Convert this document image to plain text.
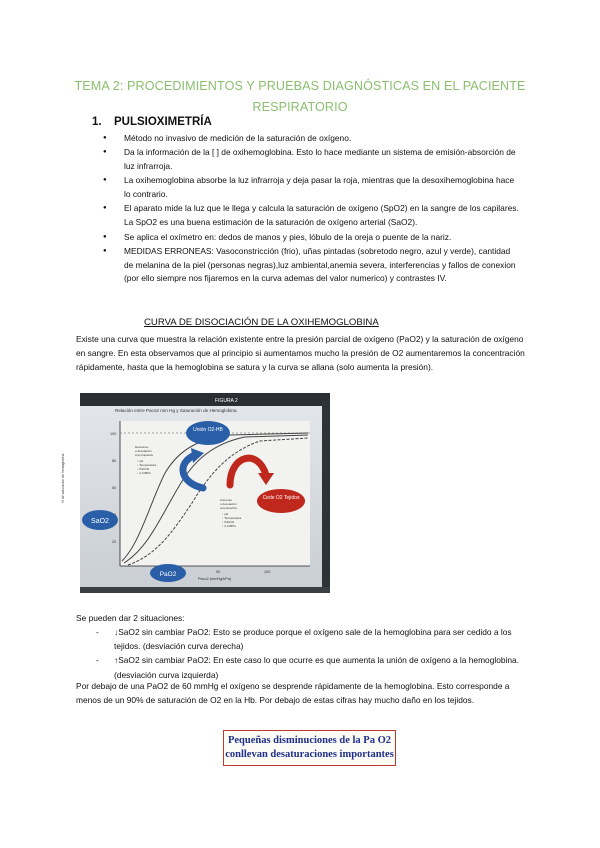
TEMA 2: PROCEDIMIENTOS Y PRUEBAS DIAGNÓSTICAS EN EL PACIENTE RESPIRATORIO
1. PULSIOXIMETRÍA
● Método no invasivo de medición de la saturación de oxígeno.
● Da la información de la [ ] de oxihemoglobina. Esto lo hace mediante un sistema de emisión-absorción de luz infrarroja.
● La oxihemoglobina absorbe la luz infrarroja y deja pasar la roja, mientras que la desoxihemoglobina hace lo contrario.
● El aparato mide la luz que le llega y calcula la saturación de oxígeno (SpO2) en la sangre de los capilares. La SpO2 es una buena estimación de la saturación de oxígeno arterial (SaO2).
● Se aplica el oxímetro en: dedos de manos y pies, lóbulo de la oreja o puente de la nariz.
● MEDIDAS ERRONEAS: Vasoconstricción (frio), uñas pintadas (sobretodo negro, azul y verde), cantidad de melanina de la piel (personas negras),luz ambiental,anemia severa, interferencias y fallos de conexion (por ello siempre nos fijaremos en la curva ademas del valor numerico) y contrastes IV.
CURVA DE DISOCIACIÓN DE LA OXIHEMOGLOBINA

Existe una curva que muestra la relación existente entre la presión parcial de oxígeno (PaO2) y la saturación de oxígeno en sangre. En esta observamos que al principio si aumentamos mucho la presión de O2 aumentaremos la concentración rápidamente, hasta que la hemoglobina se satura y la curva se allana (solo aumenta la presión).

FIGURA 2
Relación entre Paco2 mm Hg y Saturación de Hemoglobina
100
80
60
20
50	100
Paco2 (mmHg/kPa)
% de saturación de hemoglobina
Descenso
o desviación
a la izquierda
↑ pH
↓ Temperatura
↓ PaCO2
↓ 2,3-BPG
Aumento
o desviación
a la derecha
↓ pH
↑ Temperatura
↑ PaCO2
↑ 2,3-BPG
Unión O2-HB
Cede O2 Tejidos
SaO2
PaO2

Se pueden dar 2 situaciones:

- ↓SaO2 sin cambiar PaO2: Esto se produce porque el oxígeno sale de la hemoglobina para ser cedido a los tejidos. (desviación curva derecha)
- ↑SaO2 sin cambiar PaO2: En este caso lo que ocurre es que aumenta la unión de oxígeno a la hemoglobina.(desviación curva izquierda)

Por debajo de una PaO2 de 60 mmHg el oxígeno se desprende rápidamente de la hemoglobina. Esto corresponde a menos de un 90% de saturación de O2 en la Hb. Por debajo de estas cifras hay mucho daño en los tejidos.

Pequeñas disminuciones de la Pa O2
conllevan desaturaciones importantes
